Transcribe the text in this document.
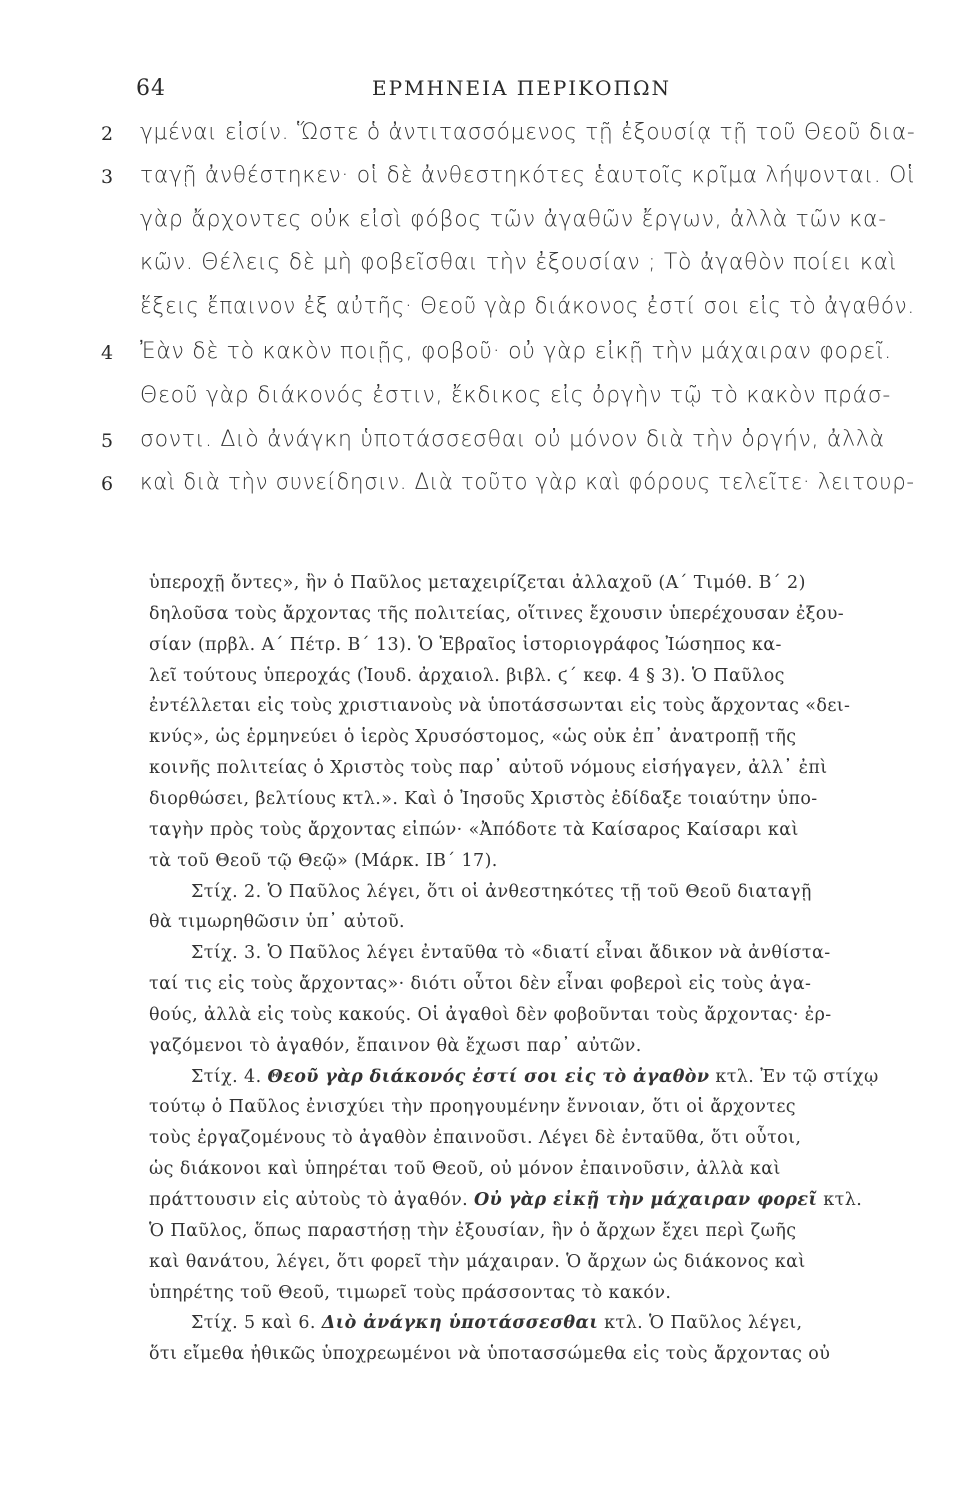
64	ΕΡΜΗΝΕΙΑ ΠΕΡΙΚΟΠΩΝ
2 γμέναι εἰσίν. Ὥστε ὁ ἀντιτασσόμενος τῇ ἐξουσίᾳ τῇ τοῦ Θεοῦ δια-
3 ταγῇ ἀνθέστηκεν· οἱ δὲ ἀνθεστηκότες ἑαυτοῖς κρῖμα λήψονται. Οἱ
γὰρ ἄρχοντες οὐκ εἰσὶ φόβος τῶν ἀγαθῶν ἔργων, ἀλλὰ τῶν κα-
κῶν. Θέλεις δὲ μὴ φοβεῖσθαι τὴν ἐξουσίαν ; Τὸ ἀγαθὸν ποίει καὶ
ἕξεις ἔπαινον ἐξ αὐτῆς· Θεοῦ γὰρ διάκονος ἐστί σοι εἰς τὸ ἀγαθόν.
4 Ἐὰν δὲ τὸ κακὸν ποιῇς, φοβοῦ· οὐ γὰρ εἰκῇ τὴν μάχαιραν φορεῖ.
Θεοῦ γὰρ διάκονός ἐστιν, ἔκδικος εἰς ὀργὴν τῷ τὸ κακὸν πράσ-
5 σοντι. Διὸ ἀνάγκη ὑποτάσσεσθαι οὐ μόνον διὰ τὴν ὀργήν, ἀλλὰ
6 καὶ διὰ τὴν συνείδησιν. Διὰ τοῦτο γὰρ καὶ φόρους τελεῖτε· λειτουρ-
ὑπεροχῇ ὄντες», ἣν ὁ Παῦλος μεταχειρίζεται ἀλλαχοῦ (Α΄ Τιμόθ. Β΄ 2)
δηλοῦσα τοὺς ἄρχοντας τῆς πολιτείας, οἵτινες ἔχουσιν ὑπερέχουσαν ἐξου-
σίαν (πρβλ. Α΄ Πέτρ. Β΄ 13). Ὁ Ἑβραῖος ἱστοριογράφος Ἰώσηπος κα-
λεῖ τούτους ὑπεροχάς (Ἰουδ. ἀρχαιολ. βιβλ. ϛ΄ κεφ. 4 § 3). Ὁ Παῦλος
ἐντέλλεται εἰς τοὺς χριστιανοὺς νὰ ὑποτάσσωνται εἰς τοὺς ἄρχοντας «δει-
κνύς», ὡς ἑρμηνεύει ὁ ἱερὸς Χρυσόστομος, «ὡς οὐκ ἐπ᾽ ἀνατροπῇ τῆς
κοινῆς πολιτείας ὁ Χριστὸς τοὺς παρ᾽ αὐτοῦ νόμους εἰσήγαγεν, ἀλλ᾽ ἐπὶ
διορθώσει, βελτίους κτλ.». Καὶ ὁ Ἰησοῦς Χριστὸς ἐδίδαξε τοιαύτην ὑπο-
ταγὴν πρὸς τοὺς ἄρχοντας εἰπών· «Ἀπόδοτε τὰ Καίσαρος Καίσαρι καὶ
τὰ τοῦ Θεοῦ τῷ Θεῷ» (Μάρκ. ΙΒ΄ 17).
Στίχ. 2. Ὁ Παῦλος λέγει, ὅτι οἱ ἀνθεστηκότες τῇ τοῦ Θεοῦ διαταγῇ
θὰ τιμωρηθῶσιν ὑπ᾽ αὐτοῦ.
Στίχ. 3. Ὁ Παῦλος λέγει ἐνταῦθα τὸ «διατί εἶναι ἄδικον νὰ ἀνθίστα-
ταί τις εἰς τοὺς ἄρχοντας»· διότι οὗτοι δὲν εἶναι φοβεροὶ εἰς τοὺς ἀγα-
θούς, ἀλλὰ εἰς τοὺς κακούς. Οἱ ἀγαθοὶ δὲν φοβοῦνται τοὺς ἄρχοντας· ἐρ-
γαζόμενοι τὸ ἀγαθόν, ἔπαινον θὰ ἔχωσι παρ᾽ αὐτῶν.
Στίχ. 4. Θεοῦ γὰρ διάκονός ἐστί σοι εἰς τὸ ἀγαθὸν κτλ. Ἐν τῷ στίχῳ
τούτῳ ὁ Παῦλος ἐνισχύει τὴν προηγουμένην ἔννοιαν, ὅτι οἱ ἄρχοντες
τοὺς ἐργαζομένους τὸ ἀγαθὸν ἐπαινοῦσι. Λέγει δὲ ἐνταῦθα, ὅτι οὗτοι,
ὡς διάκονοι καὶ ὑπηρέται τοῦ Θεοῦ, οὐ μόνον ἐπαινοῦσιν, ἀλλὰ καὶ
πράττουσιν εἰς αὐτοὺς τὸ ἀγαθόν. Οὐ γὰρ εἰκῇ τὴν μάχαιραν φορεῖ κτλ.
Ὁ Παῦλος, ὅπως παραστήσῃ τὴν ἐξουσίαν, ἣν ὁ ἄρχων ἔχει περὶ ζωῆς
καὶ θανάτου, λέγει, ὅτι φορεῖ τὴν μάχαιραν. Ὁ ἄρχων ὡς διάκονος καὶ
ὑπηρέτης τοῦ Θεοῦ, τιμωρεῖ τοὺς πράσσοντας τὸ κακόν.
Στίχ. 5 καὶ 6. Διὸ ἀνάγκη ὑποτάσσεσθαι κτλ. Ὁ Παῦλος λέγει,
ὅτι εἴμεθα ἠθικῶς ὑποχρεωμένοι νὰ ὑποτασσώμεθα εἰς τοὺς ἄρχοντας οὐ
